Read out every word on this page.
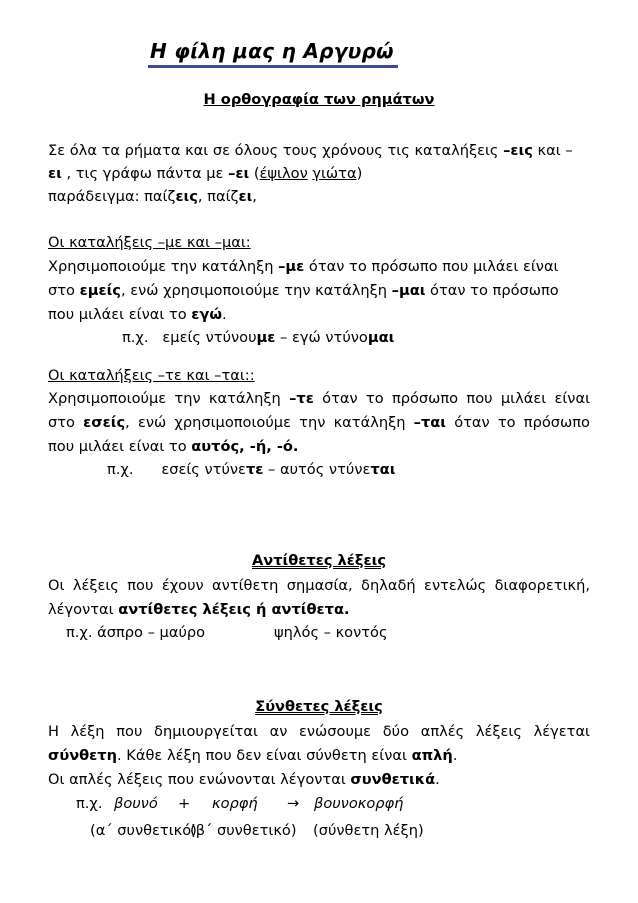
Η φίλη μας η Αργυρώ
Η ορθογραφία των ρημάτων
Σε όλα τα ρήματα και σε όλους τους χρόνους τις καταλήξεις –εις και –
ει , τις γράφω πάντα με –ει (έψιλον γιώτα)
παράδειγμα: παίζεις, παίζει,
Οι καταλήξεις –με και –μαι:
Χρησιμοποιούμε την κατάληξη –με όταν το πρόσωπο που μιλάει είναι
στο εμείς, ενώ χρησιμοποιούμε την κατάληξη –μαι όταν το πρόσωπο
που μιλάει είναι το εγώ.
π.χ. εμείς ντύνουμε – εγώ ντύνομαι
Οι καταλήξεις –τε και –ται::
Χρησιμοποιούμε την κατάληξη –τε όταν το πρόσωπο που μιλάει είναι
στο εσείς, ενώ χρησιμοποιούμε την κατάληξη –ται όταν το πρόσωπο
που μιλάει είναι το αυτός, -ή, -ό.
π.χ. εσείς ντύνετε – αυτός ντύνεται
Αντίθετες λέξεις
Οι λέξεις που έχουν αντίθετη σημασία, δηλαδή εντελώς διαφορετική,
λέγονται αντίθετες λέξεις ή αντίθετα.
π.χ. άσπρο – μαύρο	ψηλός – κοντός
Σύνθετες λέξεις
Η λέξη που δημιουργείται αν ενώσουμε δύο απλές λέξεις λέγεται
σύνθετη. Κάθε λέξη που δεν είναι σύνθετη είναι απλή.
Οι απλές λέξεις που ενώνονται λέγονται συνθετικά.
π.χ. βουνό + κορφή → βουνοκορφή
(α΄ συνθετικό)
(β΄ συνθετικό) (σύνθετη λέξη)
